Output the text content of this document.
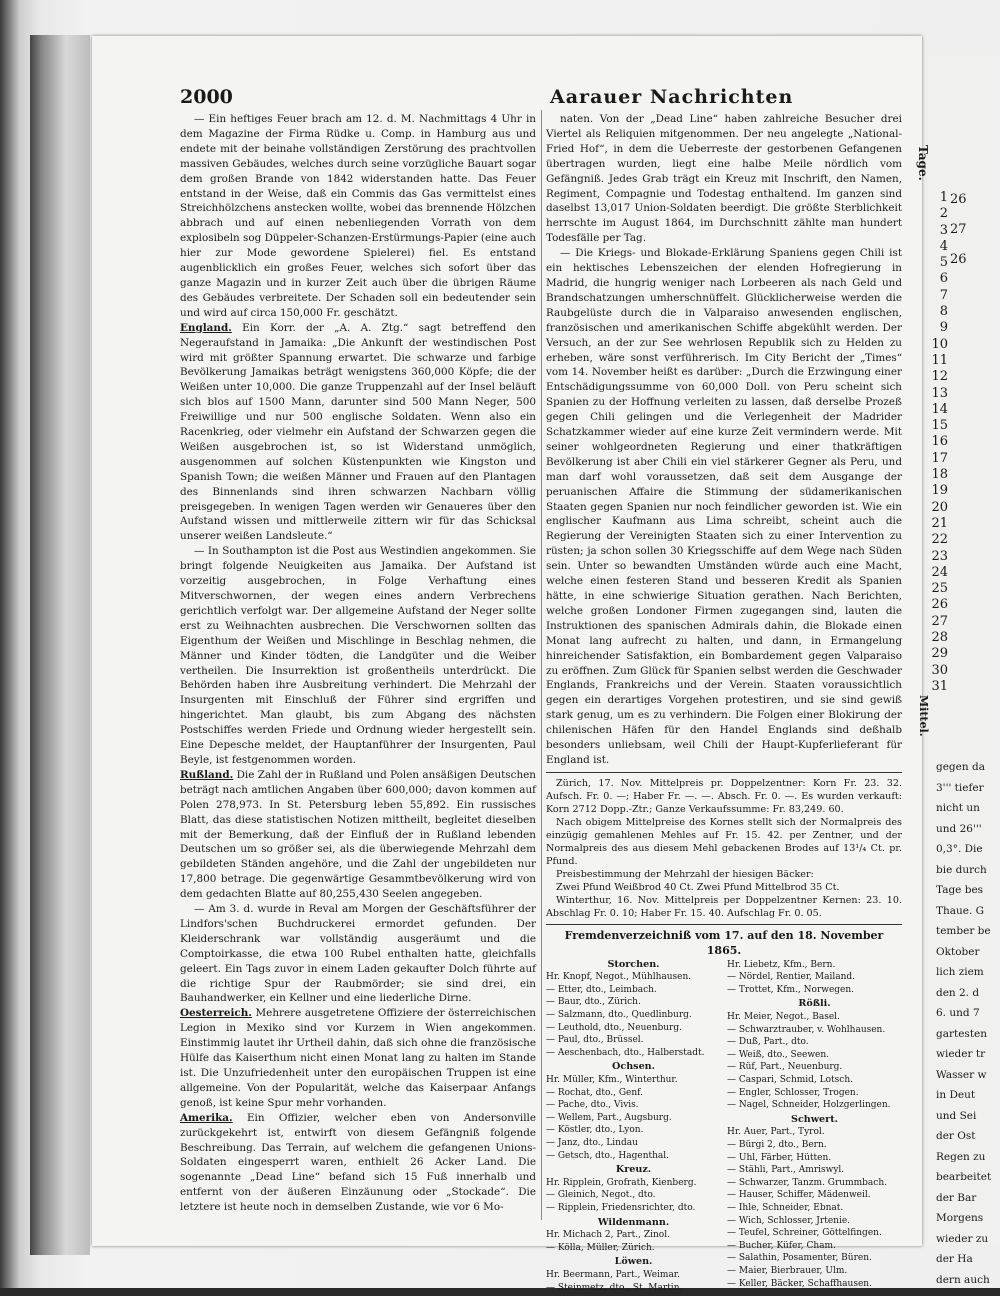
2000	Aarauer Nachrichten

— Ein heftiges Feuer brach am 12. d. M. Nachmittags 4 Uhr in dem Magazine der Firma Rüdke u. Comp. in Hamburg aus und endete mit der beinahe vollständigen Zerstörung des prachtvollen massiven Gebäudes, welches durch seine vorzügliche Bauart sogar dem großen Brande von 1842 widerstanden hatte. Das Feuer entstand in der Weise, daß ein Commis das Gas vermittelst eines Streichhölzchens anstecken wollte, wobei das brennende Hölzchen abbrach und auf einen nebenliegenden Vorrath von dem explosibeln sog Düppeler-Schanzen-Erstürmungs-Papier (eine auch hier zur Mode gewordene Spielerei) fiel. Es entstand augenblicklich ein großes Feuer, welches sich sofort über das ganze Magazin und in kurzer Zeit auch über die übrigen Räume des Gebäudes verbreitete. Der Schaden soll ein bedeutender sein und wird auf circa 150,000 Fr. geschätzt.

England. Ein Korr. der „A. A. Ztg.“ sagt betreffend den Negeraufstand in Jamaika: „Die Ankunft der westindischen Post wird mit größter Spannung erwartet. Die schwarze und farbige Bevölkerung Jamaikas beträgt wenigstens 360,000 Köpfe; die der Weißen unter 10,000. Die ganze Truppenzahl auf der Insel beläuft sich blos auf 1500 Mann, darunter sind 500 Mann Neger, 500 Freiwillige und nur 500 englische Soldaten. Wenn also ein Racenkrieg, oder vielmehr ein Aufstand der Schwarzen gegen die Weißen ausgebrochen ist, so ist Widerstand unmöglich, ausgenommen auf solchen Küstenpunkten wie Kingston und Spanish Town; die weißen Männer und Frauen auf den Plantagen des Binnenlands sind ihren schwarzen Nachbarn völlig preisgegeben. In wenigen Tagen werden wir Genaueres über den Aufstand wissen und mittlerweile zittern wir für das Schicksal unserer weißen Landsleute.“

— In Southampton ist die Post aus Westindien angekommen. Sie bringt folgende Neuigkeiten aus Jamaika. Der Aufstand ist vorzeitig ausgebrochen, in Folge Verhaftung eines Mitverschwornen, der wegen eines andern Verbrechens gerichtlich verfolgt war. Der allgemeine Aufstand der Neger sollte erst zu Weihnachten ausbrechen. Die Verschwornen sollten das Eigenthum der Weißen und Mischlinge in Beschlag nehmen, die Männer und Kinder tödten, die Landgüter und die Weiber vertheilen. Die Insurrektion ist großentheils unterdrückt. Die Behörden haben ihre Ausbreitung verhindert. Die Mehrzahl der Insurgenten mit Einschluß der Führer sind ergriffen und hingerichtet. Man glaubt, bis zum Abgang des nächsten Postschiffes werden Friede und Ordnung wieder hergestellt sein. Eine Depesche meldet, der Hauptanführer der Insurgenten, Paul Beyle, ist festgenommen worden.

Rußland. Die Zahl der in Rußland und Polen ansäßigen Deutschen beträgt nach amtlichen Angaben über 600,000; davon kommen auf Polen 278,973. In St. Petersburg leben 55,892. Ein russisches Blatt, das diese statistischen Notizen mittheilt, begleitet dieselben mit der Bemerkung, daß der Einfluß der in Rußland lebenden Deutschen um so größer sei, als die überwiegende Mehrzahl dem gebildeten Ständen angehöre, und die Zahl der ungebildeten nur 17,800 betrage. Die gegenwärtige Gesammtbevölkerung wird von dem gedachten Blatte auf 80,255,430 Seelen angegeben.

— Am 3. d. wurde in Reval am Morgen der Geschäftsführer der Lindfors'schen Buchdruckerei ermordet gefunden. Der Kleiderschrank war vollständig ausgeräumt und die Comptoirkasse, die etwa 100 Rubel enthalten hatte, gleichfalls geleert. Ein Tags zuvor in einem Laden gekaufter Dolch führte auf die richtige Spur der Raubmörder; sie sind drei, ein Bauhandwerker, ein Kellner und eine liederliche Dirne.

Oesterreich. Mehrere ausgetretene Offiziere der österreichischen Legion in Mexiko sind vor Kurzem in Wien angekommen. Einstimmig lautet ihr Urtheil dahin, daß sich ohne die französische Hülfe das Kaiserthum nicht einen Monat lang zu halten im Stande ist. Die Unzufriedenheit unter den europäischen Truppen ist eine allgemeine. Von der Popularität, welche das Kaiserpaar Anfangs genoß, ist keine Spur mehr vorhanden.

Amerika. Ein Offizier, welcher eben von Andersonville zurückgekehrt ist, entwirft von diesem Gefängniß folgende Beschreibung. Das Terrain, auf welchem die gefangenen Unions-Soldaten eingesperrt waren, enthielt 26 Acker Land. Die sogenannte „Dead Line“ befand sich 15 Fuß innerhalb und entfernt von der äußeren Einzäunung oder „Stockade“. Die letztere ist heute noch in demselben Zustande, wie vor 6 Mo-

naten. Von der „Dead Line“ haben zahlreiche Besucher drei Viertel als Reliquien mitgenommen. Der neu angelegte „National-Fried Hof“, in dem die Ueberreste der gestorbenen Gefangenen übertragen wurden, liegt eine halbe Meile nördlich vom Gefängniß. Jedes Grab trägt ein Kreuz mit Inschrift, den Namen, Regiment, Compagnie und Todestag enthaltend. Im ganzen sind daselbst 13,017 Union-Soldaten beerdigt. Die größte Sterblichkeit herrschte im August 1864, im Durchschnitt zählte man hundert Todesfälle per Tag.

— Die Kriegs- und Blokade-Erklärung Spaniens gegen Chili ist ein hektisches Lebenszeichen der elenden Hofregierung in Madrid, die hungrig weniger nach Lorbeeren als nach Geld und Brandschatzungen umherschnüffelt. Glücklicherweise werden die Raubgelüste durch die in Valparaiso anwesenden englischen, französischen und amerikanischen Schiffe abgekühlt werden. Der Versuch, an der zur See wehrlosen Republik sich zu Helden zu erheben, wäre sonst verführerisch. Im City Bericht der „Times“ vom 14. November heißt es darüber: „Durch die Erzwingung einer Entschädigungssumme von 60,000 Doll. von Peru scheint sich Spanien zu der Hoffnung verleiten zu lassen, daß derselbe Prozeß gegen Chili gelingen und die Verlegenheit der Madrider Schatzkammer wieder auf eine kurze Zeit vermindern werde. Mit seiner wohlgeordneten Regierung und einer thatkräftigen Bevölkerung ist aber Chili ein viel stärkerer Gegner als Peru, und man darf wohl voraussetzen, daß seit dem Ausgange der peruanischen Affaire die Stimmung der südamerikanischen Staaten gegen Spanien nur noch feindlicher geworden ist. Wie ein englischer Kaufmann aus Lima schreibt, scheint auch die Regierung der Vereinigten Staaten sich zu einer Intervention zu rüsten; ja schon sollen 30 Kriegsschiffe auf dem Wege nach Süden sein. Unter so bewandten Umständen würde auch eine Macht, welche einen festeren Stand und besseren Kredit als Spanien hätte, in eine schwierige Situation gerathen. Nach Berichten, welche großen Londoner Firmen zugegangen sind, lauten die Instruktionen des spanischen Admirals dahin, die Blokade einen Monat lang aufrecht zu halten, und dann, in Ermangelung hinreichender Satisfaktion, ein Bombardement gegen Valparaiso zu eröffnen. Zum Glück für Spanien selbst werden die Geschwader Englands, Frankreichs und der Verein. Staaten voraussichtlich gegen ein derartiges Vorgehen protestiren, und sie sind gewiß stark genug, um es zu verhindern. Die Folgen einer Blokirung der chilenischen Häfen für den Handel Englands sind deßhalb besonders unliebsam, weil Chili der Haupt-Kupferlieferant für England ist.

Zürich, 17. Nov. Mittelpreis pr. Doppelzentner: Korn Fr. 23. 32. Aufsch. Fr. 0. —; Haber Fr. —. —. Absch. Fr. 0. —. Es wurden verkauft: Korn 2712 Dopp.-Ztr.; Ganze Verkaufssumme: Fr. 83,249. 60.

Nach obigem Mittelpreise des Kornes stellt sich der Normalpreis des einzügig gemahlenen Mehles auf Fr. 15. 42. per Zentner, und der Normalpreis des aus diesem Mehl gebackenen Brodes auf 13¹/₄ Ct. pr. Pfund.

Preisbestimmung der Mehrzahl der hiesigen Bäcker:

Zwei Pfund Weißbrod 40 Ct. Zwei Pfund Mittelbrod 35 Ct.

Winterthur, 16. Nov. Mittelpreis per Doppelzentner Kernen: 23. 10. Abschlag Fr. 0. 10; Haber Fr. 15. 40. Aufschlag Fr. 0. 05.

Fremdenverzeichniß vom 17. auf den 18. November 1865.
Storchen.
Hr. Knopf, Negot., Mühlhausen.
— Etter, dto., Leimbach.
— Baur, dto., Zürich.
— Salzmann, dto., Quedlinburg.
— Leuthold, dto., Neuenburg.
— Paul, dto., Brüssel.
— Aeschenbach, dto., Halberstadt.
Ochsen.
Hr. Müller, Kfm., Winterthur.
— Rochat, dto., Genf.
— Pache, dto., Vivis.
— Wellem, Part., Augsburg.
— Köstler, dto., Lyon.
— Janz, dto., Lindau
— Getsch, dto., Hagenthal.
Kreuz.
Hr. Ripplein, Grofrath, Kienberg.
— Gleinich, Negot., dto.
— Ripplein, Friedensrichter, dto.
Wildenmann.
Hr. Michach 2, Part., Zinol.
— Kölla, Müller, Zürich.
Löwen.
Hr. Beermann, Part., Weimar.
— Steinmetz, dto., St. Martin.
Hr. Liebetz, Kfm., Bern.
— Nördel, Rentier, Mailand.
— Trottet, Kfm., Norwegen.
Rößli.
Hr. Meier, Negot., Basel.
— Schwarztrauber, v. Wohlhausen.
— Duß, Part., dto.
— Weiß, dto., Seewen.
— Rüf, Part., Neuenburg.
— Caspari, Schmid, Lotsch.
— Engler, Schlosser, Trogen.
— Nagel, Schneider, Holzgerlingen.
Schwert.
Hr. Auer, Part., Tyrol.
— Bürgi 2, dto., Bern.
— Uhl, Färber, Hütten.
— Stähli, Part., Amriswyl.
— Schwarzer, Tanzm. Grummbach.
— Hauser, Schiffer, Mädenweil.
— Ihle, Schneider, Ebnat.
— Wich, Schlosser, Jrtenie.
— Teufel, Schreiner, Göttelfingen.
— Bucher, Küfer, Cham.
— Salathin, Posamenter, Büren.
— Maier, Bierbrauer, Ulm.
— Keller, Bäcker, Schaffhausen.
Tage.
1
2
3
4
5
6
7
8
9
10
11
12
13
14
15
16
17
18
19
20
21
22
23
24
25
26
27
28
29
30
31
26
27
26
Mittel.
gegen da
3''' tiefer
nicht un
und 26'''
0,3°. Die
bie durch
Tage bes
Thaue. G
tember be
Oktober
lich ziem
den 2. d
6. und 7
gartesten
wieder tr
Wasser w
in Deut
und Sei
der Ost
Regen zu
bearbeitet
der Bar
Morgens
wieder zu
der Ha
dern auch
